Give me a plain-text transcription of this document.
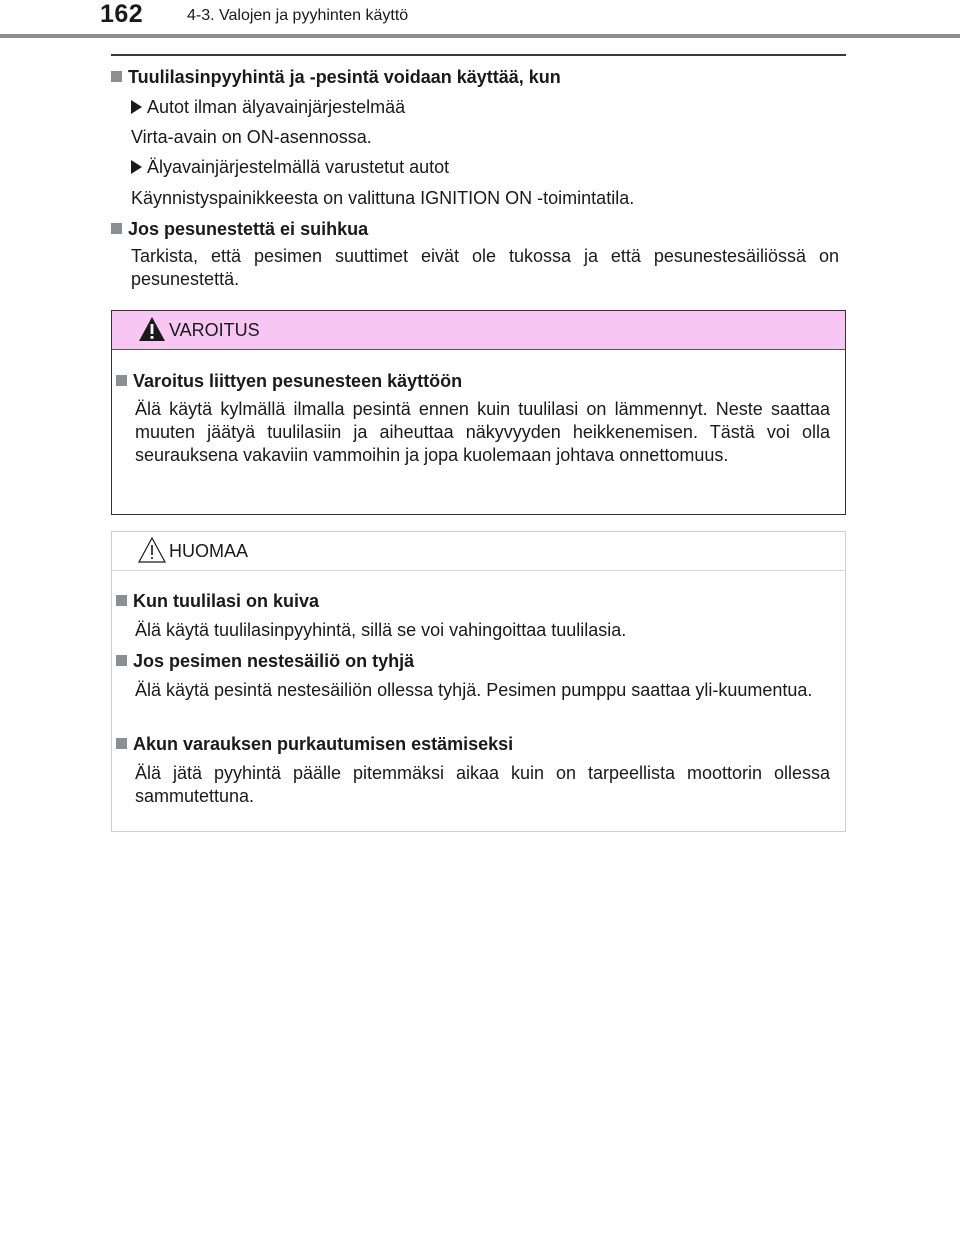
162	4-3. Valojen ja pyyhinten käyttö
Tuulilasinpyyhintä ja -pesintä voidaan käyttää, kun
Autot ilman älyavainjärjestelmää
Virta-avain on ON-asennossa.
Älyavainjärjestelmällä varustetut autot
Käynnistyspainikkeesta on valittuna IGNITION ON -toimintatila.
Jos pesunestettä ei suihkua
Tarkista, että pesimen suuttimet eivät ole tukossa ja että pesunestesäiliössä on pesunestettä.
VAROITUS
Varoitus liittyen pesunesteen käyttöön
Älä käytä kylmällä ilmalla pesintä ennen kuin tuulilasi on lämmennyt. Neste saattaa muuten jäätyä tuulilasiin ja aiheuttaa näkyvyyden heikkenemisen. Tästä voi olla seurauksena vakaviin vammoihin ja jopa kuolemaan johtava onnettomuus.
HUOMAA
Kun tuulilasi on kuiva
Älä käytä tuulilasinpyyhintä, sillä se voi vahingoittaa tuulilasia.
Jos pesimen nestesäiliö on tyhjä
Älä käytä pesintä nestesäiliön ollessa tyhjä. Pesimen pumppu saattaa yli-kuumentua.
Akun varauksen purkautumisen estämiseksi
Älä jätä pyyhintä päälle pitemmäksi aikaa kuin on tarpeellista moottorin ollessa sammutettuna.
